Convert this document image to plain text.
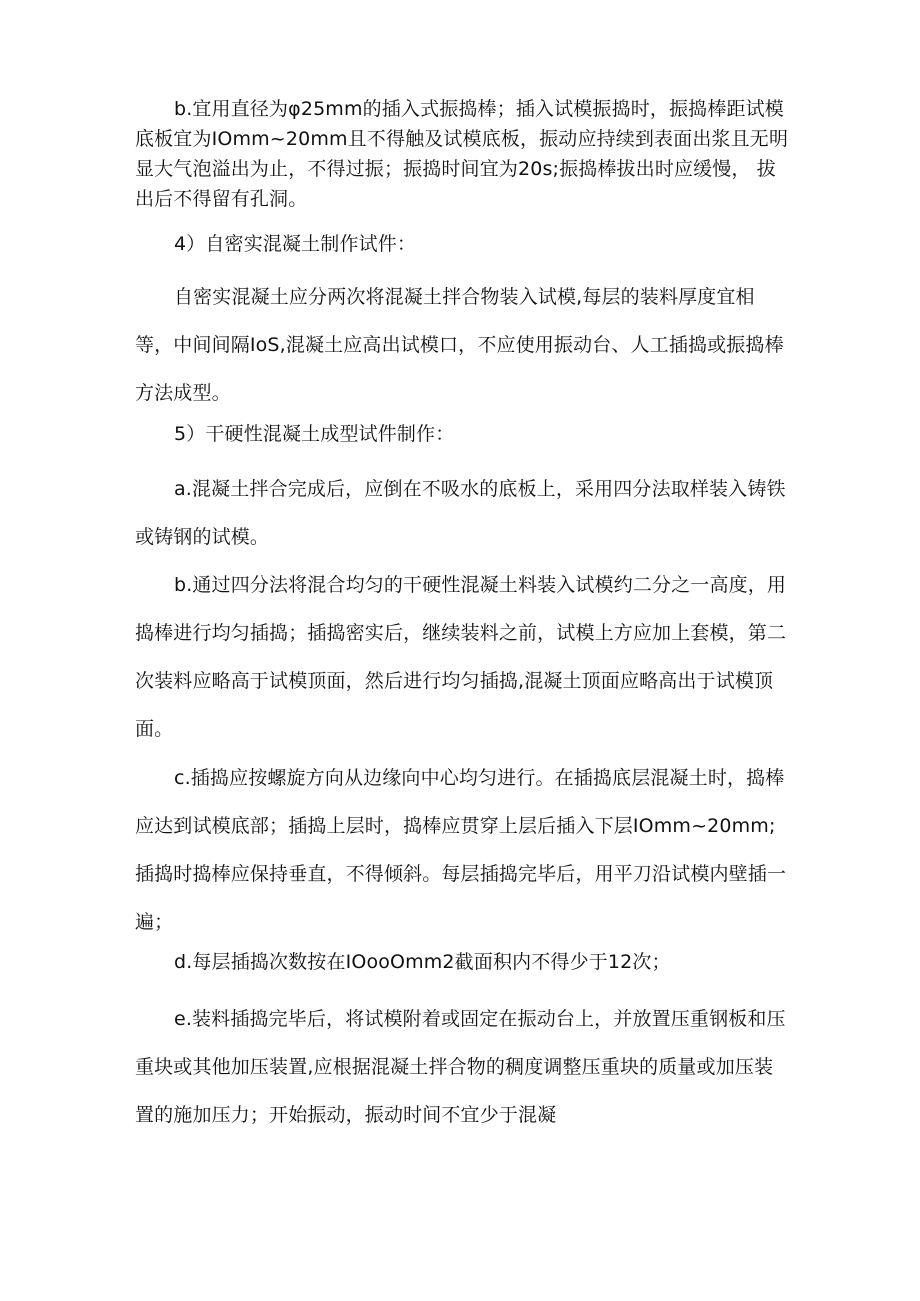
b.宜用直径为φ25mm的插入式振捣棒；插入试模振捣时，振捣棒距试模底板宜为IOmm~20mm且不得触及试模底板，振动应持续到表面出浆且无明显大气泡溢出为止，不得过振；振捣时间宜为20s;振捣棒拔出时应缓慢， 拔出后不得留有孔洞。

4）自密实混凝土制作试件：

自密实混凝土应分两次将混凝土拌合物装入试模,每层的装料厚度宜相等，中间间隔IoS,混凝土应高出试模口，不应使用振动台、人工插捣或振捣棒方法成型。

5）干硬性混凝土成型试件制作：

a.混凝土拌合完成后，应倒在不吸水的底板上，采用四分法取样装入铸铁或铸钢的试模。

b.通过四分法将混合均匀的干硬性混凝土料装入试模约二分之一高度，用捣棒进行均匀插捣；插捣密实后，继续装料之前，试模上方应加上套模，第二次装料应略高于试模顶面，然后进行均匀插捣,混凝土顶面应略高出于试模顶面。

c.插捣应按螺旋方向从边缘向中心均匀进行。在插捣底层混凝土时，捣棒应达到试模底部；插捣上层时，捣棒应贯穿上层后插入下层IOmm~20mm;插捣时捣棒应保持垂直，不得倾斜。每层插捣完毕后，用平刀沿试模内壁插一遍；

d.每层插捣次数按在IOooOmm2截面积内不得少于12次；

e.装料插捣完毕后，将试模附着或固定在振动台上，并放置压重钢板和压重块或其他加压装置,应根据混凝土拌合物的稠度调整压重块的质量或加压装置的施加压力；开始振动，振动时间不宜少于混凝
